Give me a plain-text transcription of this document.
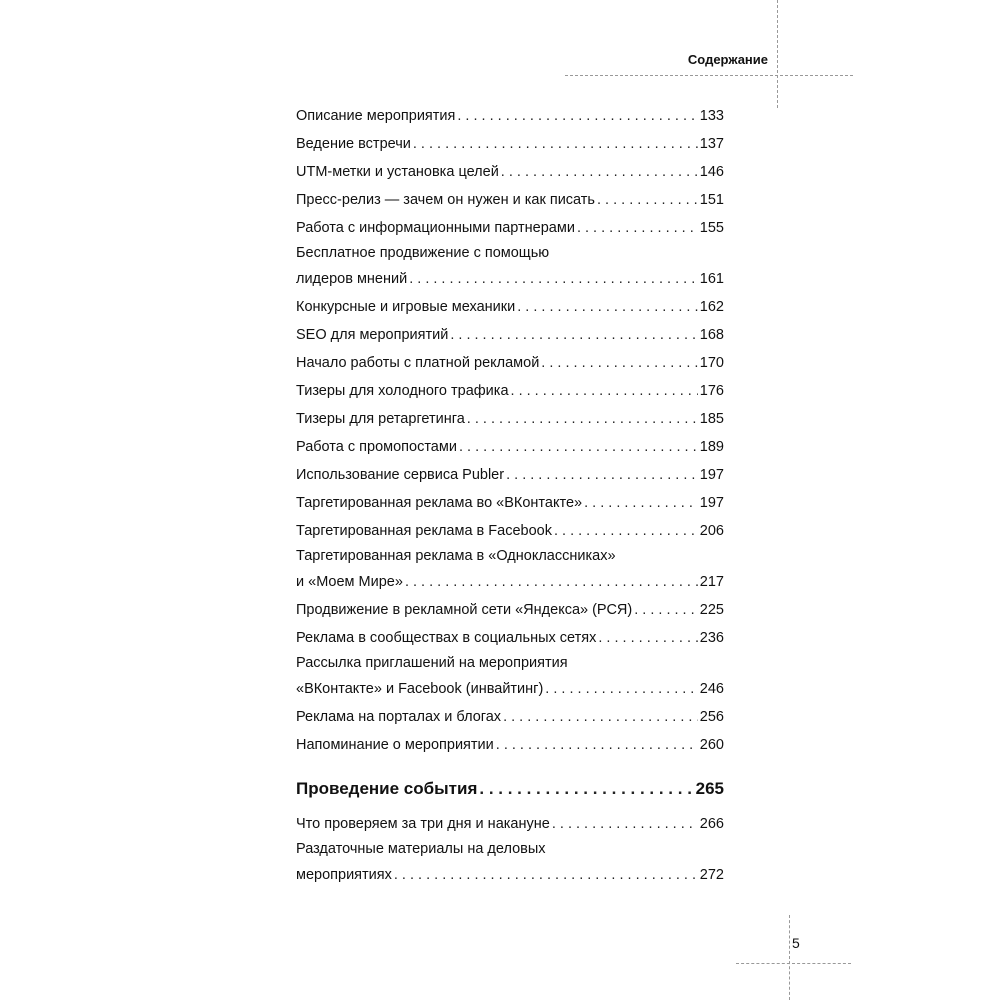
Содержание
Описание мероприятия . . .	133
Ведение встречи . . .	137
UTM-метки и установка целей . . .	146
Пресс-релиз — зачем он нужен и как писать . . .	151
Работа с информационными партнерами . . .	155
Бесплатное продвижение с помощью
лидеров мнений . . .	161
Конкурсные и игровые механики . . .	162
SEO для мероприятий . . .	168
Начало работы с платной рекламой . . .	170
Тизеры для холодного трафика . . .	176
Тизеры для ретаргетинга . . .	185
Работа с промопостами . . .	189
Использование сервиса Publer . . .	197
Таргетированная реклама во «ВКонтакте» . . .	197
Таргетированная реклама в Facebook . . .	206
Таргетированная реклама в «Одноклассниках»
и «Моем Мире» . . .	217
Продвижение в рекламной сети «Яндекса» (РСЯ) . . .	225
Реклама в сообществах в социальных сетях . . .	236
Рассылка приглашений на мероприятия
«ВКонтакте» и Facebook (инвайтинг) . . .	246
Реклама на порталах и блогах . . .	256
Напоминание о мероприятии . . .	260
Проведение события . . .	265
Что проверяем за три дня и накануне . . .	266
Раздаточные материалы на деловых
мероприятиях . . .	272
5
